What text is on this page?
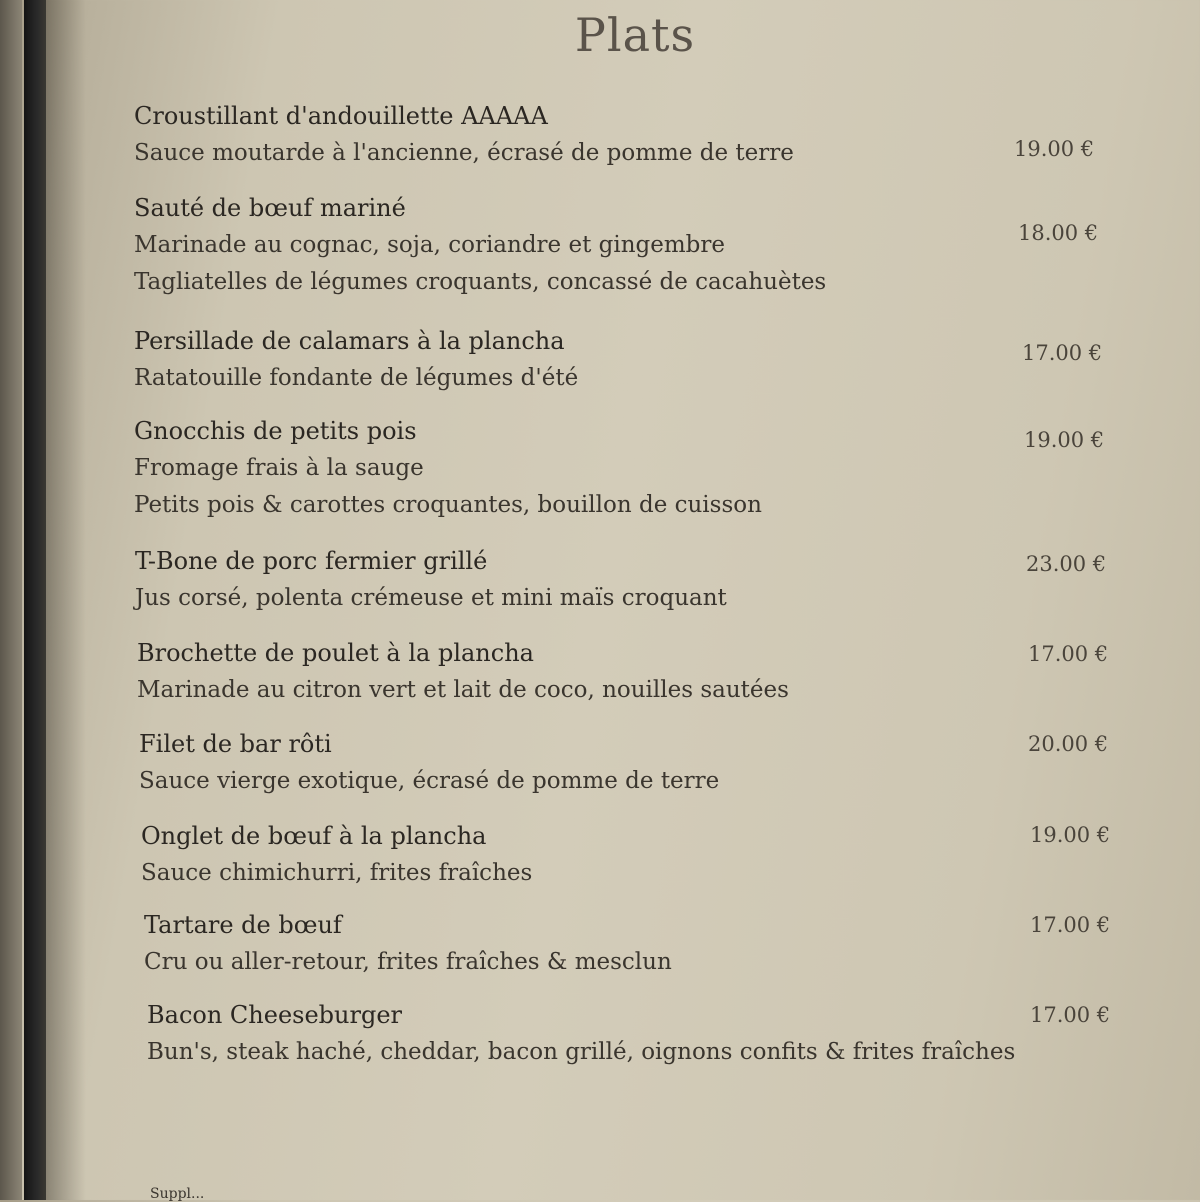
Plats
Croustillant d'andouillette AAAAA
Sauce moutarde à l'ancienne, écrasé de pomme de terre	19.00 €
Sauté de bœuf mariné
Marinade au cognac, soja, coriandre et gingembre
Tagliatelles de légumes croquants, concassé de cacahuètes
18.00 €
Persillade de calamars à la plancha
Ratatouille fondante de légumes d'été
17.00 €
Gnocchis de petits pois
Fromage frais à la sauge
Petits pois & carottes croquantes, bouillon de cuisson
19.00 €
T-Bone de porc fermier grillé
Jus corsé, polenta crémeuse et mini maïs croquant
23.00 €
Brochette de poulet à la plancha
Marinade au citron vert et lait de coco, nouilles sautées
17.00 €
Filet de bar rôti
Sauce vierge exotique, écrasé de pomme de terre
20.00 €
Onglet de bœuf à la plancha
Sauce chimichurri, frites fraîches
19.00 €
Tartare de bœuf
Cru ou aller-retour, frites fraîches & mesclun
17.00 €
Bacon Cheeseburger
Bun's, steak haché, cheddar, bacon grillé, oignons confits & frites fraîches
17.00 €
Suppl...
